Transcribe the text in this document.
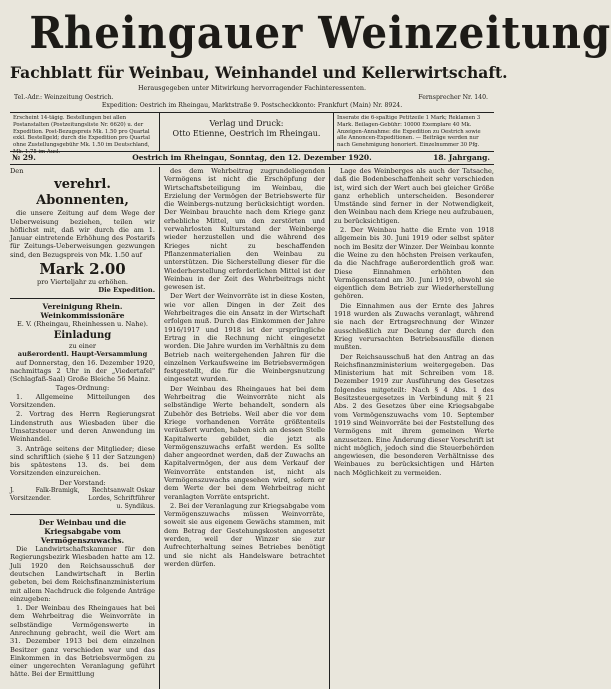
Rheingauer Weinzeitung
Fachblatt für Weinbau, Weinhandel und Kellerwirtschaft.
Herausgegeben unter Mitwirkung hervorragender Fachinteressenten.
Tel.-Adr.: Weinzeitung Oestrich.	Fernsprecher Nr. 140.
Expedition: Oestrich im Rheingau, Marktstraße 9. Postscheckkonto: Frankfurt (Main) Nr. 8924.
Erscheint 14-tägig. Bestellungen bei allen Postanstalten (Postzeitungsliste Nr. 6620) u. der Expedition. Post-Bezugspreis Mk. 1.50 pro Quartal exkl. Bestellgeld; durch die Expedition pro Quartal ohne Zustellungsgebühr Mk. 1.50 im Deutschland, Mk. 1.75 im Ausl.
Verlag und Druck:
Otto Etienne, Oestrich im Rheingau.
Inserate die 6-spaltige Petitzeile 1 Mark; Reklamen 3 Mark. Beilagen-Gebühr: 10000 Exemplare 40 Mk. Anzeigen-Annahme: die Expedition zu Oestrich sowie alle Annoncen-Expeditionen. — Beiträge werden nur nach Genehmigung honoriert. Einzelnummer 30 Pfg.
№ 29.	Oestrich im Rheingau, Sonntag, den 12. Dezember 1920.	18. Jahrgang.
Den
verehrl. Abonnenten,

die unsere Zeitung auf dem Wege der Ueberweisung beziehen, teilen wir höflichst mit, daß wir durch die am 1. Januar eintretende Erhöhung des Postarifs für Zeitungs-Ueberweisungen gezwungen sind, den Bezugspreis von Mk. 1.50 auf

Mark 2.00
pro Vierteljahr zu erhöhen.
Die Expedition.
Vereinigung Rhein. Weinkommissionäre
E. V. (Rheingau, Rheinhessen u. Nahe).
Einladung
zu einer
außerordentl. Haupt-Versammlung

auf Donnerstag, den 16. Dezember 1920, nachmittags 2 Uhr in der „Viedertafel" (Schlagfaß-Saal) Große Bleiche 56 Mainz.

Tages-Ordnung:

1. Allgemeine Mitteilungen des Vorsitzenden.

2. Vortrag des Herrn Regierungsrat Lindenstruth aus Wiesbaden über die Umsatzsteuer und deren Anwendung im Weinhandel.

3. Anträge seitens der Mitglieder; diese sind schriftlich (siehe § 11 der Satzungen) bis spätestens 13. ds. bei dem Vorsitzenden einzureichen.

Der Vorstand:
J. Falk-Bramigk, Vorsitzender.
Rechtsanwalt Oskar Lordes, Schriftführer u. Syndikus.
Der Weinbau und die Kriegsabgabe vom Vermögenszuwachs.

Die Landwirtschaftskammer für den Regierungsbezirk Wiesbaden hatte am 12. Juli 1920 den Reichsausschuß der deutschen Landwirtschaft in Berlin gebeten, bei dem Reichsfinanzministerium mit allem Nachdruck die folgende Anträge einzugeben:

1. Der Weinbau des Rheingaues hat bei dem Wehrbeitrag die Weinvorräte in selbständige Vermögenswerte in Anrechnung gebracht, weil die Wert am 31. Dezember 1913 bei dem einzelnen Besitzer ganz verschieden war und das Einkommen in das Betriebsvermögen zu einer ungerechten Veranlagung geführt hätte. Bei der Ermittlung

des dem Wehrbeitrag zugrundeliegenden Vermögens ist nicht die Erschöpfung der Wirtschaftsbeteiligung im Weinbau, die Erzielung der Vermögen der Betriebswerte für die Weinbergs-nutzung berücksichtigt worden. Der Weinbau brauchte nach dem Kriege ganz erhebliche Mittel, um den zerstörten und verwahrlosten Kulturstand der Weinberge wieder herzustellen und die während des Krieges nicht zu beschaffenden Pflanzenmaterialien den Weinbau zu unterstützen. Die Sicherstellung dieser für die Wiederherstellung erforderlichen Mittel ist der Weinbau in der Zeit des Wehrbeitrags nicht gewesen ist.

Der Wert der Weinvorräte ist in diese Kosten, wie vor allen Dingen in der Zeit des Wehrbeitrages die ein Ansatz in der Wirtschaft erfolgen muß. Durch das Einkommen der Jahre 1916/1917 und 1918 ist der ursprüngliche Ertrag in die Rechnung nicht eingesetzt worden. Die Jahre wurden im Verhältnis zu dem Betrieb nach weitergehenden Jahren für die einzelnen Verkaufsweine im Betriebsvermögen festgestellt, die für die Weinbergsnutzung eingesetzt wurden.

Der Weinbau des Rheingaues hat bei dem Wehrbeitrag die Weinvorräte nicht als selbständige Werte behandelt, sondern als Zubehör des Betriebs. Weil aber die vor dem Kriege vorhandenen Vorräte größtenteils veräußert wurden, haben sich an dessen Stelle Kapitalwerte gebildet, die jetzt als Vermögenszuwachs erfaßt werden. Es sollte daher angeordnet werden, daß der Zuwachs an Kapitalvermögen, der aus dem Verkauf der Weinvorräte entstanden ist, nicht als Vermögenszuwachs angesehen wird, sofern er dem Werte der bei dem Wehrbeitrag nicht veranlagten Vorräte entspricht.

2. Bei der Veranlagung zur Kriegsabgabe vom Vermögenszuwachs müssen Weinvorräte, soweit sie aus eigenem Gewächs stammen, mit dem Betrag der Gestehungskosten angesetzt werden, weil der Winzer sie zur Aufrechterhaltung seines Betriebes benötigt und sie nicht als Handelsware betrachtet werden dürfen.

Lage des Weinberges als auch der Tatsache, daß die Bodenbeschaffenheit sehr verschieden ist, wird sich der Wert auch bei gleicher Größe ganz erheblich unterscheiden. Besonderer Umstände sind ferner in der Notwendigkeit, den Weinbau nach dem Kriege neu aufzubauen, zu berücksichtigen.

2. Der Weinbau hatte die Ernte von 1918 allgemein bis 30. Juni 1919 oder selbst später noch im Besitz der Winzer. Der Weinbau konnte die Weine zu den höchsten Preisen verkaufen, da die Nachfrage außerordentlich groß war. Diese Einnahmen erhöhten den Vermögensstand am 30. Juni 1919, obwohl sie eigentlich dem Betrieb zur Wiederherstellung gehören.

Die Einnahmen aus der Ernte des Jahres 1918 wurden als Zuwachs veranlagt, während sie nach der Ertragsrechnung der Winzer ausschließlich zur Deckung der durch den Krieg verursachten Betriebsausfälle dienen mußten.

Der Reichsausschuß hat den Antrag an das Reichsfinanzministerium weitergegeben. Das Ministerium hat mit Schreiben vom 18. Dezember 1919 zur Ausführung des Gesetzes folgendes mitgeteilt: Nach § 4 Abs. 1 des Besitzsteuergesetzes in Verbindung mit § 21 Abs. 2 des Gesetzes über eine Kriegsabgabe vom Vermögenszuwachs vom 10. September 1919 sind Weinvorräte bei der Feststellung des Vermögens mit ihrem gemeinen Werte anzusetzen. Eine Änderung dieser Vorschrift ist nicht möglich, jedoch sind die Steuerbehörden angewiesen, die besonderen Verhältnisse des Weinbaues zu berücksichtigen und Härten nach Möglichkeit zu vermeiden.
